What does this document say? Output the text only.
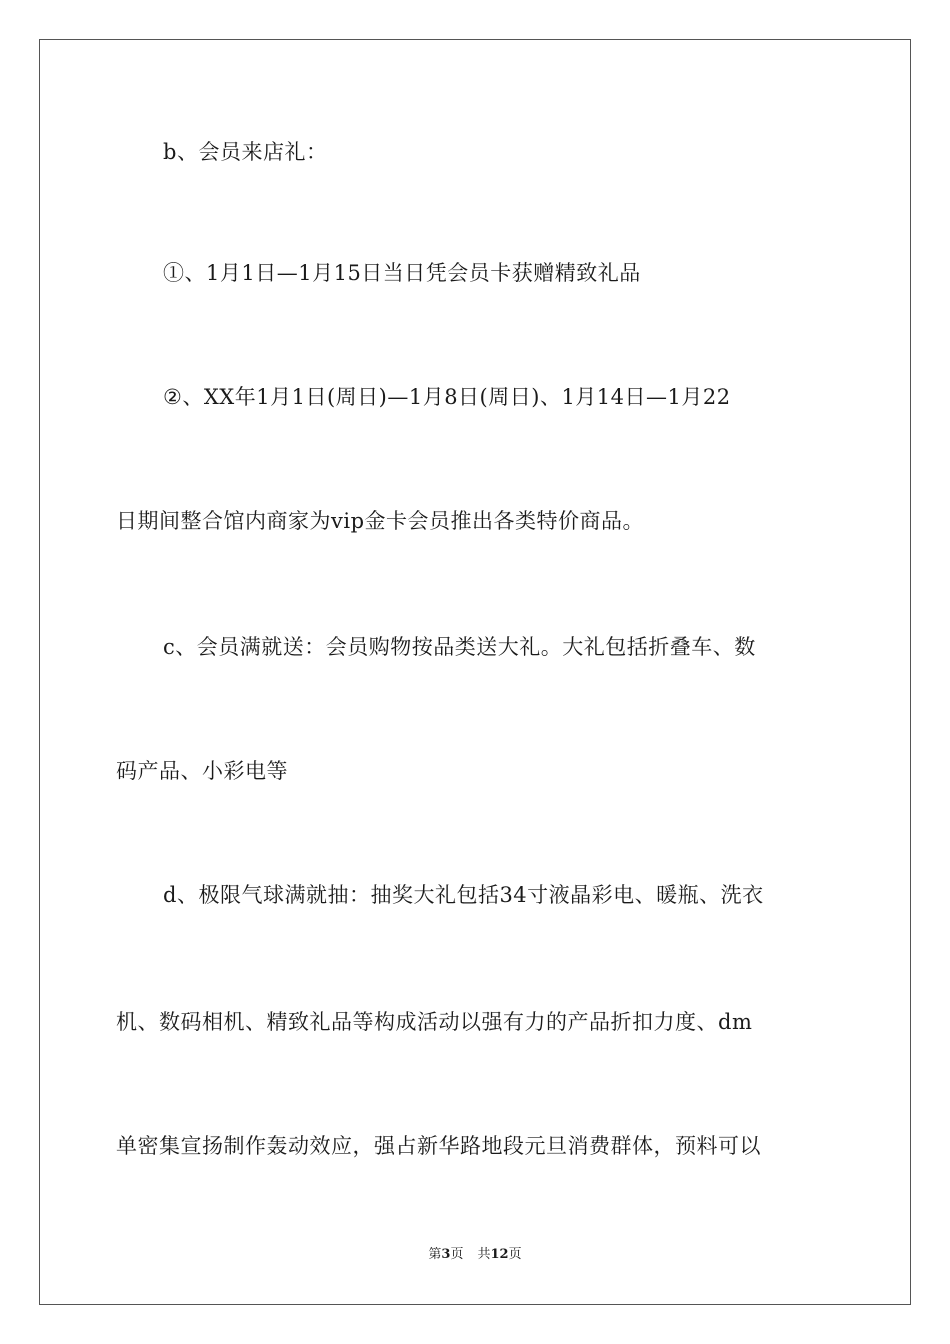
b、会员来店礼：
①、1月1日—1月15日当日凭会员卡获赠精致礼品
②、XX年1月1日(周日)—1月8日(周日)、1月14日—1月22
日期间整合馆内商家为vip金卡会员推出各类特价商品。
c、会员满就送：会员购物按品类送大礼。大礼包括折叠车、数
码产品、小彩电等
d、极限气球满就抽：抽奖大礼包括34寸液晶彩电、暖瓶、洗衣
机、数码相机、精致礼品等构成活动以强有力的产品折扣力度、dm
单密集宣扬制作轰动效应，强占新华路地段元旦消费群体，预料可以
第3页 共12页
